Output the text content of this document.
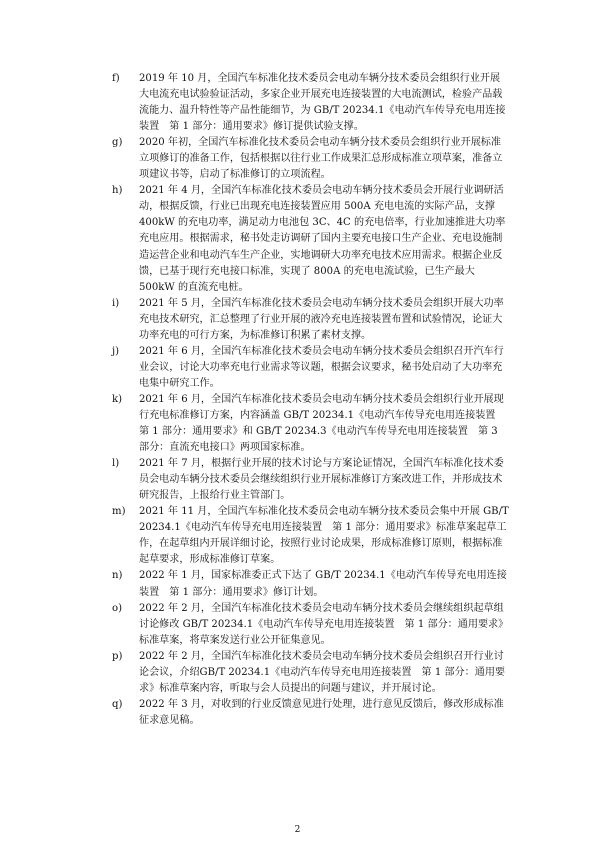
f) 2019 年 10 月，全国汽车标准化技术委员会电动车辆分技术委员会组织行业开展大电流充电试验验证活动，多家企业开展充电连接装置的大电流测试，检验产品载流能力、温升特性等产品性能细节，为 GB/T 20234.1《电动汽车传导充电用连接装置　第 1 部分：通用要求》修订提供试验支撑。

g) 2020 年初，全国汽车标准化技术委员会电动车辆分技术委员会组织行业开展标准立项修订的准备工作，包括根据以往行业工作成果汇总形成标准立项草案，准备立项建议书等，启动了标准修订的立项流程。

h) 2021 年 4 月，全国汽车标准化技术委员会电动车辆分技术委员会开展行业调研活动，根据反馈，行业已出现充电连接装置应用 500A 充电电流的实际产品，支撑 400kW 的充电功率，满足动力电池包 3C、4C 的充电倍率，行业加速推进大功率充电应用。根据需求，秘书处走访调研了国内主要充电接口生产企业、充电设施制造运营企业和电动汽车生产企业，实地调研大功率充电技术应用需求。根据企业反馈，已基于现行充电接口标准，实现了 800A 的充电电流试验，已生产最大 500kW 的直流充电桩。

i) 2021 年 5 月，全国汽车标准化技术委员会电动车辆分技术委员会组织开展大功率充电技术研究，汇总整理了行业开展的液冷充电连接装置布置和试验情况，论证大功率充电的可行方案，为标准修订积累了素材支撑。

j) 2021 年 6 月，全国汽车标准化技术委员会电动车辆分技术委员会组织召开汽车行业会议，讨论大功率充电行业需求等议题，根据会议要求，秘书处启动了大功率充电集中研究工作。

k) 2021 年 6 月，全国汽车标准化技术委员会电动车辆分技术委员会组织行业开展现行充电标准修订方案，内容涵盖 GB/T 20234.1《电动汽车传导充电用连接装置　第 1 部分：通用要求》和 GB/T 20234.3《电动汽车传导充电用连接装置　第 3 部分：直流充电接口》两项国家标准。

l) 2021 年 7 月，根据行业开展的技术讨论与方案论证情况，全国汽车标准化技术委员会电动车辆分技术委员会继续组织行业开展标准修订方案改进工作，并形成技术研究报告，上报给行业主管部门。

m) 2021 年 11 月，全国汽车标准化技术委员会电动车辆分技术委员会集中开展 GB/T 20234.1《电动汽车传导充电用连接装置　第 1 部分：通用要求》标准草案起草工作，在起草组内开展详细讨论，按照行业讨论成果，形成标准修订原则，根据标准起草要求，形成标准修订草案。

n) 2022 年 1 月，国家标准委正式下达了 GB/T 20234.1《电动汽车传导充电用连接装置　第 1 部分：通用要求》修订计划。

o) 2022 年 2 月，全国汽车标准化技术委员会电动车辆分技术委员会继续组织起草组讨论修改 GB/T 20234.1《电动汽车传导充电用连接装置　第 1 部分：通用要求》标准草案，将草案发送行业公开征集意见。

p) 2022 年 2 月，全国汽车标准化技术委员会电动车辆分技术委员会组织召开行业讨论会议，介绍GB/T 20234.1《电动汽车传导充电用连接装置　第 1 部分：通用要求》标准草案内容，听取与会人员提出的问题与建议，并开展讨论。

q) 2022 年 3 月，对收到的行业反馈意见进行处理，进行意见反馈后，修改形成标准征求意见稿。

2
